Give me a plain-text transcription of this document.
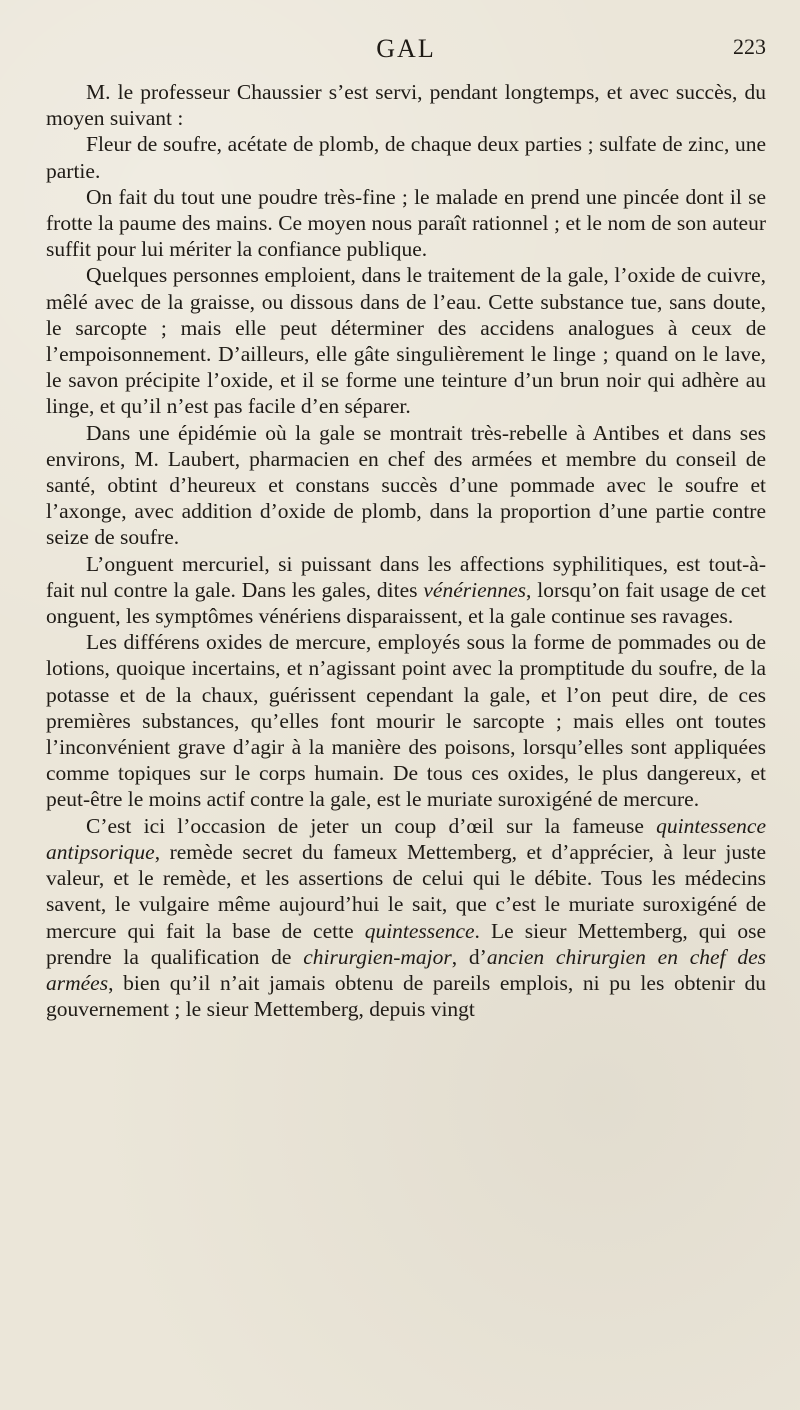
GAL	223

M. le professeur Chaussier s’est servi, pendant longtemps, et avec succès, du moyen suivant :

Fleur de soufre, acétate de plomb, de chaque deux parties ; sulfate de zinc, une partie.

On fait du tout une poudre très-fine ; le malade en prend une pincée dont il se frotte la paume des mains. Ce moyen nous paraît rationnel ; et le nom de son auteur suffit pour lui mériter la confiance publique.

Quelques personnes emploient, dans le traitement de la gale, l’oxide de cuivre, mêlé avec de la graisse, ou dissous dans de l’eau. Cette substance tue, sans doute, le sarcopte ; mais elle peut déterminer des accidens analogues à ceux de l’empoisonnement. D’ailleurs, elle gâte singulièrement le linge ; quand on le lave, le savon précipite l’oxide, et il se forme une teinture d’un brun noir qui adhère au linge, et qu’il n’est pas facile d’en séparer.

Dans une épidémie où la gale se montrait très-rebelle à Antibes et dans ses environs, M. Laubert, pharmacien en chef des armées et membre du conseil de santé, obtint d’heureux et constans succès d’une pommade avec le soufre et l’axonge, avec addition d’oxide de plomb, dans la proportion d’une partie contre seize de soufre.

L’onguent mercuriel, si puissant dans les affections syphilitiques, est tout-à-fait nul contre la gale. Dans les gales, dites vénériennes, lorsqu’on fait usage de cet onguent, les symptômes vénériens disparaissent, et la gale continue ses ravages.

Les différens oxides de mercure, employés sous la forme de pommades ou de lotions, quoique incertains, et n’agissant point avec la promptitude du soufre, de la potasse et de la chaux, guérissent cependant la gale, et l’on peut dire, de ces premières substances, qu’elles font mourir le sarcopte ; mais elles ont toutes l’inconvénient grave d’agir à la manière des poisons, lorsqu’elles sont appliquées comme topiques sur le corps humain. De tous ces oxides, le plus dangereux, et peut-être le moins actif contre la gale, est le muriate suroxigéné de mercure.

C’est ici l’occasion de jeter un coup d’œil sur la fameuse quintessence antipsorique, remède secret du fameux Mettemberg, et d’apprécier, à leur juste valeur, et le remède, et les assertions de celui qui le débite. Tous les médecins savent, le vulgaire même aujourd’hui le sait, que c’est le muriate suroxigéné de mercure qui fait la base de cette quintessence. Le sieur Mettemberg, qui ose prendre la qualification de chirurgien-major, d’ancien chirurgien en chef des armées, bien qu’il n’ait jamais obtenu de pareils emplois, ni pu les obtenir du gouvernement ; le sieur Mettemberg, depuis vingt
